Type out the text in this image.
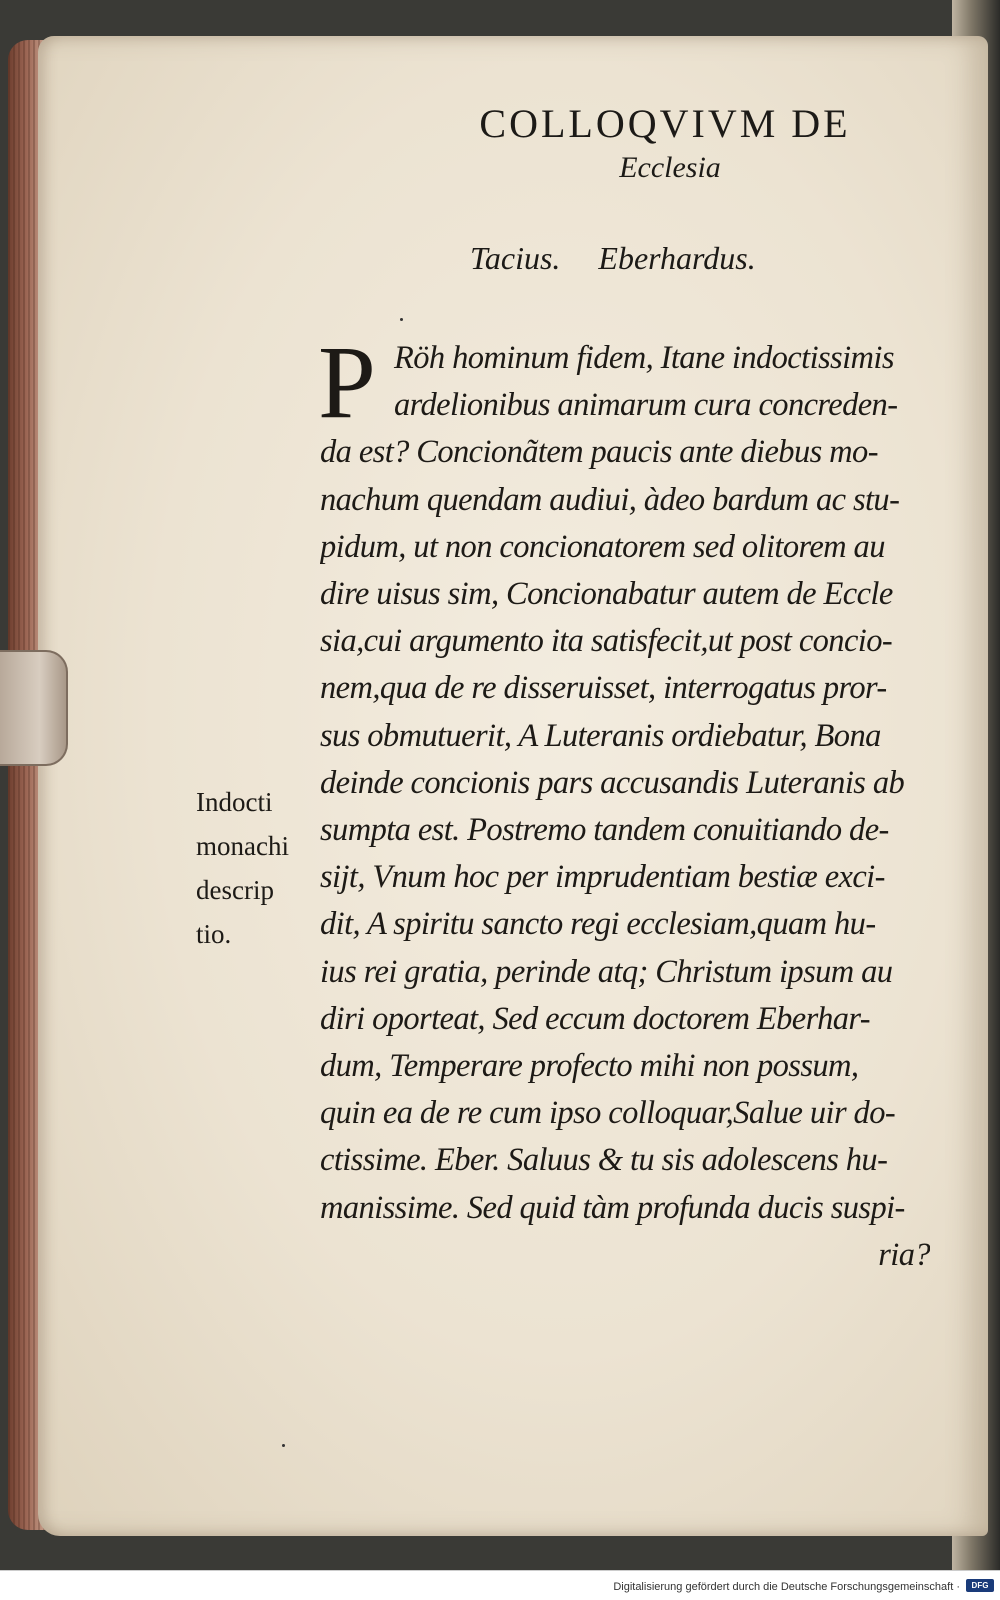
COLLOQVIVM DE
Ecclesia
Tacius. Eberhardus.
P Röh hominum fidem, Itane indoctissimis
ardelionibus animarum cura concreden-
da est? Concionãtem paucis ante diebus mo-
nachum quendam audiui, àdeo bardum ac stu-
pidum, ut non concionatorem sed olitorem au
dire uisus sim, Concionabatur autem de Eccle
sia,cui argumento ita satisfecit,ut post concio-
nem,qua de re disseruisset, interrogatus pror-
sus obmutuerit, A Luteranis ordiebatur, Bona
deinde concionis pars accusandis Luteranis ab
sumpta est. Postremo tandem conuitiando de-
sijt, Vnum hoc per imprudentiam bestiæ exci-
dit, A spiritu sancto regi ecclesiam,quam hu-
ius rei gratia, perinde atq; Christum ipsum au
diri oporteat, Sed eccum doctorem Eberhar-
dum, Temperare profecto mihi non possum,
quin ea de re cum ipso colloquar,Salue uir do-
ctissime. Eber. Saluus & tu sis adolescens hu-
manissime. Sed quid tàm profunda ducis suspi-
ria?
Indocti
monachi
descrip
tio.
Digitalisierung gefördert durch die Deutsche Forschungsgemeinschaft ·	DFG
